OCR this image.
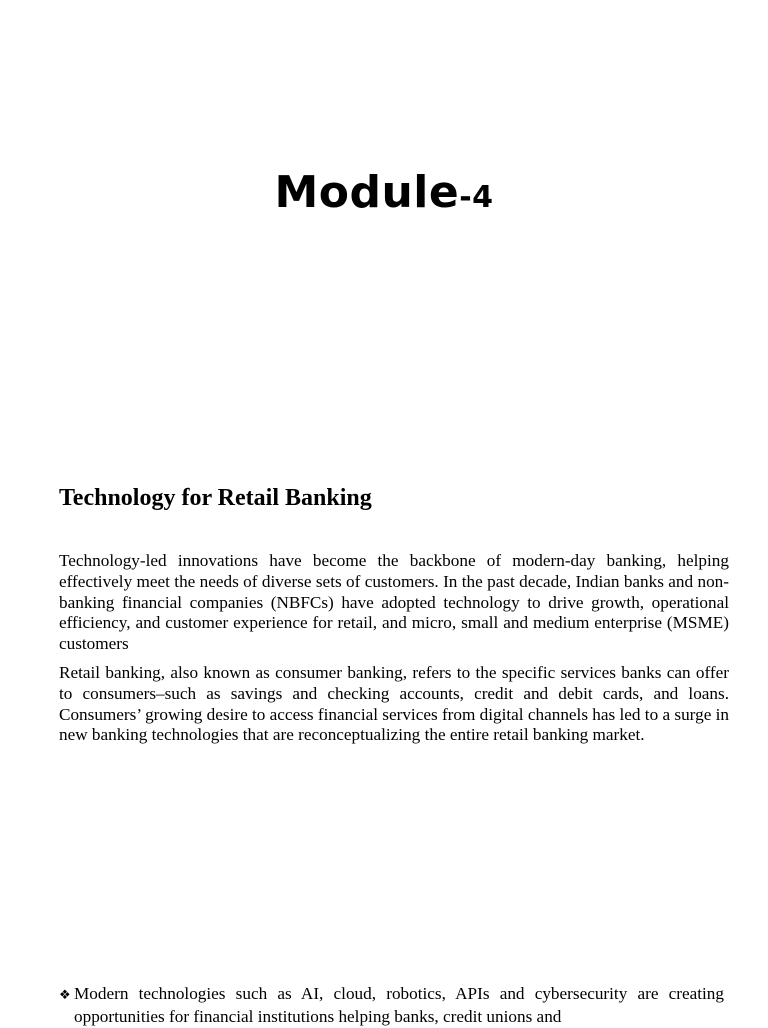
Module-4
Technology for Retail Banking

Technology-led innovations have become the backbone of modern-day banking, helping effectively meet the needs of diverse sets of customers. In the past decade, Indian banks and non-banking financial companies (NBFCs) have adopted technology to drive growth, operational efficiency, and customer experience for retail, and micro, small and medium enterprise (MSME) customers

Retail banking, also known as consumer banking, refers to the specific services banks can offer to consumers–such as savings and checking accounts, credit and debit cards, and loans. Consumers’ growing desire to access financial services from digital channels has led to a surge in new banking technologies that are reconceptualizing the entire retail banking market.

❖ Modern technologies such as AI, cloud, robotics, APIs and cybersecurity are creating opportunities for financial institutions helping banks, credit unions and
